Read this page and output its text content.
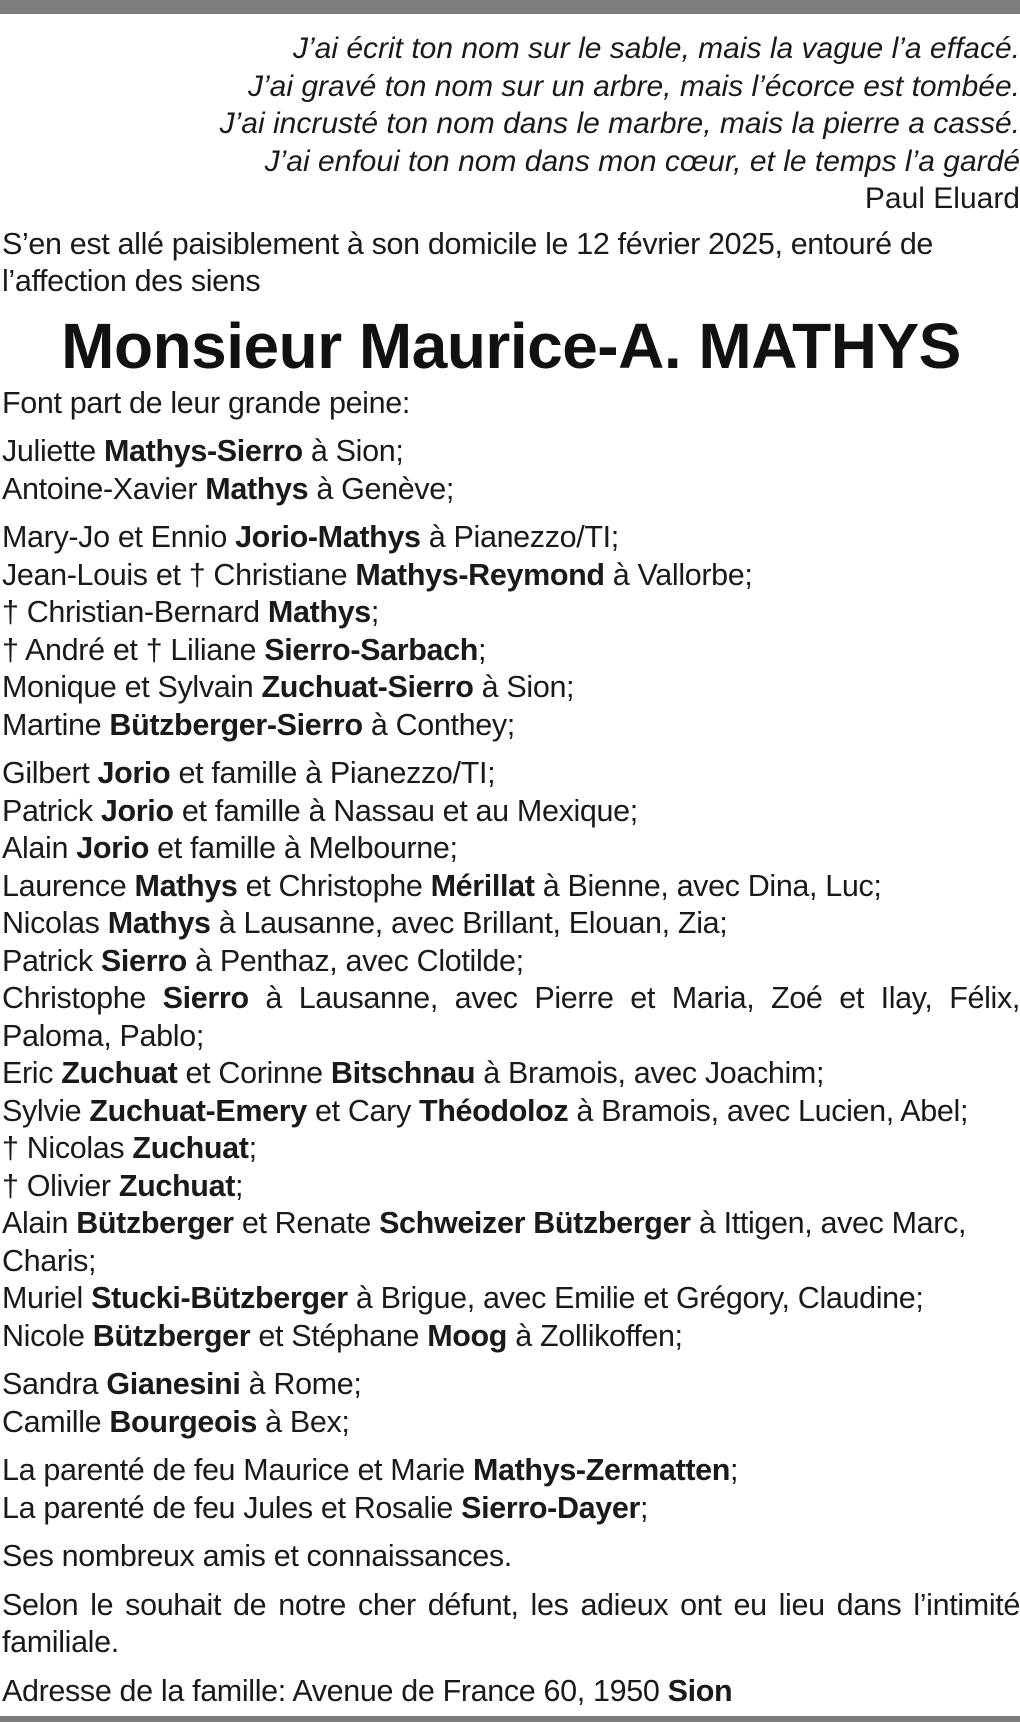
J’ai écrit ton nom sur le sable, mais la vague l’a effacé.

J’ai gravé ton nom sur un arbre, mais l’écorce est tombée.

J’ai incrusté ton nom dans le marbre, mais la pierre a cassé.

J’ai enfoui ton nom dans mon cœur, et le temps l’a gardé

Paul Eluard

S’en est allé paisiblement à son domicile le 12 février 2025, entouré de l’affection des siens

Monsieur Maurice-A. MATHYS

Font part de leur grande peine:

Juliette Mathys-Sierro à Sion;

Antoine-Xavier Mathys à Genève;

Mary-Jo et Ennio Jorio-Mathys à Pianezzo/TI;

Jean-Louis et † Christiane Mathys-Reymond à Vallorbe;

† Christian-Bernard Mathys;

† André et † Liliane Sierro-Sarbach;

Monique et Sylvain Zuchuat-Sierro à Sion;

Martine Bützberger-Sierro à Conthey;

Gilbert Jorio et famille à Pianezzo/TI;

Patrick Jorio et famille à Nassau et au Mexique;

Alain Jorio et famille à Melbourne;

Laurence Mathys et Christophe Mérillat à Bienne, avec Dina, Luc;

Nicolas Mathys à Lausanne, avec Brillant, Elouan, Zia;

Patrick Sierro à Penthaz, avec Clotilde;

Christophe Sierro à Lausanne, avec Pierre et Maria, Zoé et Ilay, Félix, Paloma, Pablo;

Eric Zuchuat et Corinne Bitschnau à Bramois, avec Joachim;

Sylvie Zuchuat-Emery et Cary Théodoloz à Bramois, avec Lucien, Abel;

† Nicolas Zuchuat;

† Olivier Zuchuat;

Alain Bützberger et Renate Schweizer Bützberger à Ittigen, avec Marc, Charis;

Muriel Stucki-Bützberger à Brigue, avec Emilie et Grégory, Claudine;

Nicole Bützberger et Stéphane Moog à Zollikoffen;

Sandra Gianesini à Rome;

Camille Bourgeois à Bex;

La parenté de feu Maurice et Marie Mathys-Zermatten;

La parenté de feu Jules et Rosalie Sierro-Dayer;

Ses nombreux amis et connaissances.

Selon le souhait de notre cher défunt, les adieux ont eu lieu dans l’intimité familiale.

Adresse de la famille: Avenue de France 60, 1950 Sion
